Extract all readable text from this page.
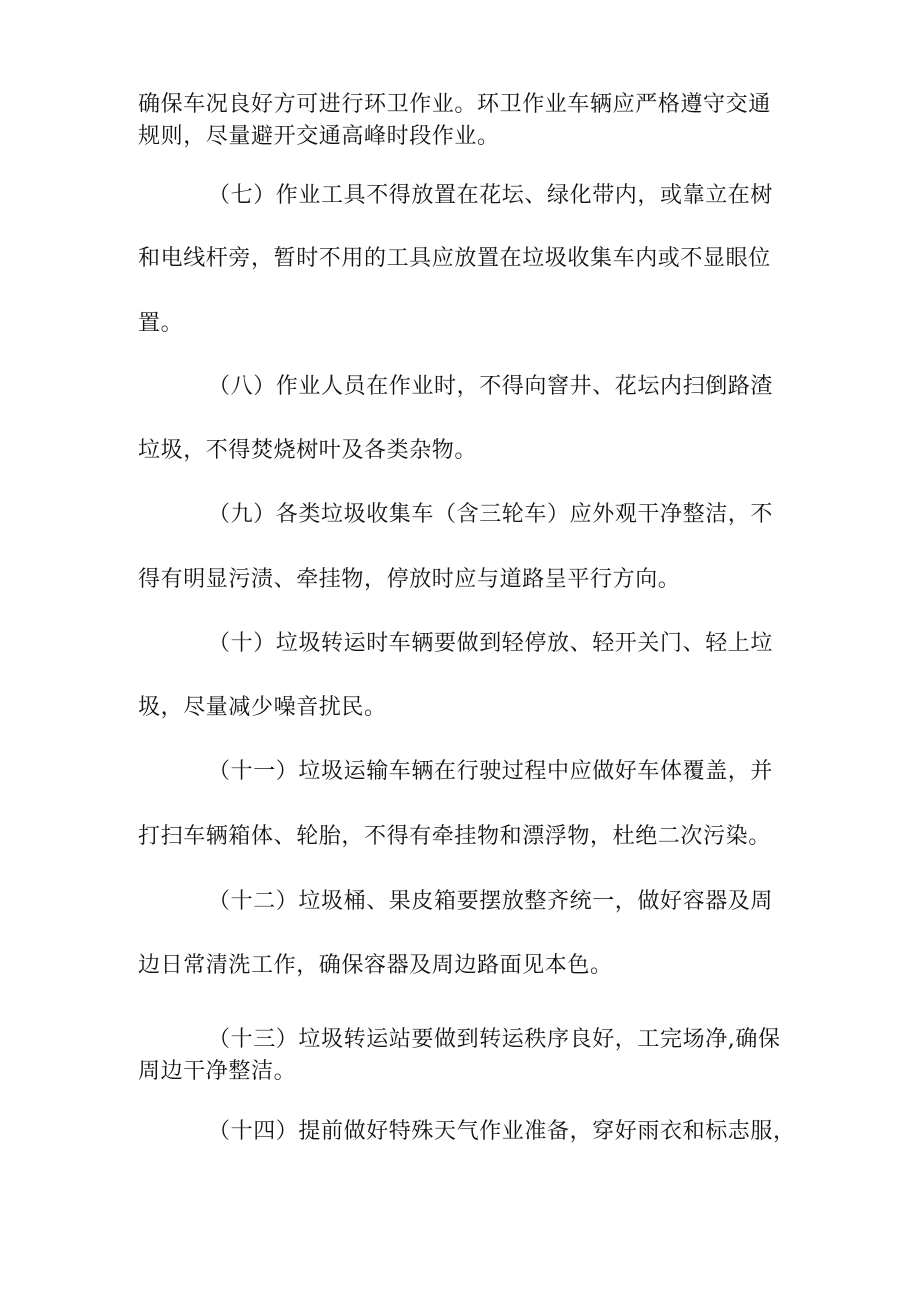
确保车况良好方可进行环卫作业。环卫作业车辆应严格遵守交通
规则，尽量避开交通高峰时段作业。
（七）作业工具不得放置在花坛、绿化带内，或靠立在树
和电线杆旁，暂时不用的工具应放置在垃圾收集车内或不显眼位
置。
（八）作业人员在作业时，不得向窨井、花坛内扫倒路渣
垃圾，不得焚烧树叶及各类杂物。
（九）各类垃圾收集车（含三轮车）应外观干净整洁，不
得有明显污渍、牵挂物，停放时应与道路呈平行方向。
（十）垃圾转运时车辆要做到轻停放、轻开关门、轻上垃
圾，尽量减少噪音扰民。
（十一）垃圾运输车辆在行驶过程中应做好车体覆盖，并
打扫车辆箱体、轮胎，不得有牵挂物和漂浮物，杜绝二次污染。
（十二）垃圾桶、果皮箱要摆放整齐统一，做好容器及周
边日常清洗工作，确保容器及周边路面见本色。
（十三）垃圾转运站要做到转运秩序良好，工完场净,确保
周边干净整洁。
（十四）提前做好特殊天气作业准备，穿好雨衣和标志服，
